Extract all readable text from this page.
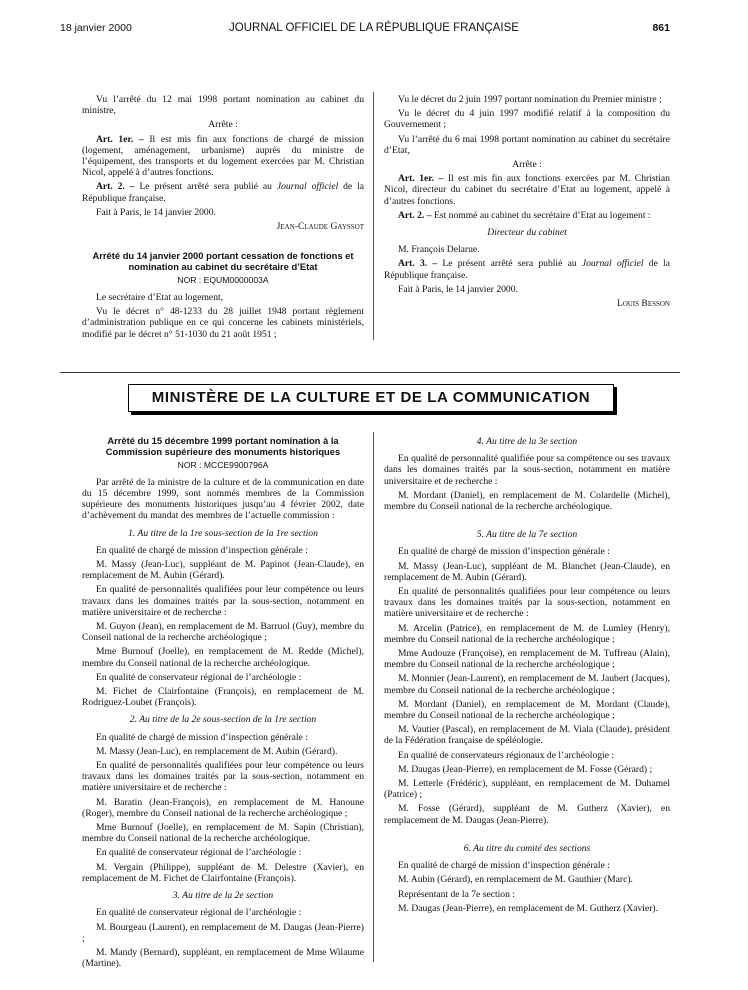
18 janvier 2000	JOURNAL OFFICIEL DE LA RÉPUBLIQUE FRANÇAISE	861

Vu l’arrêté du 12 mai 1998 portant nomination au cabinet du ministre,

Arrête :

Art. 1er. – Il est mis fin aux fonctions de chargé de mission (logement, aménagement, urbanisme) auprès du ministre de l’équipement, des transports et du logement exercées par M. Christian Nicol, appelé à d’autres fonctions.

Art. 2. – Le présent arrêté sera publié au Journal officiel de la République française.

Fait à Paris, le 14 janvier 2000.

Jean-Claude Gayssot

Arrêté du 14 janvier 2000 portant cessation de fonctions et nomination au cabinet du secrétaire d’Etat
NOR : EQUM0000003A

Le secrétaire d’Etat au logement,

Vu le décret n° 48-1233 du 28 juillet 1948 portant règlement d’administration publique en ce qui concerne les cabinets ministériels, modifié par le décret n° 51-1030 du 21 août 1951 ;

Vu le décret du 2 juin 1997 portant nomination du Premier ministre ;

Vu le décret du 4 juin 1997 modifié relatif à la composition du Gouvernement ;

Vu l’arrêté du 6 mai 1998 portant nomination au cabinet du secrétaire d’Etat,

Arrête :

Art. 1er. – Il est mis fin aux fonctions exercées par M. Christian Nicol, directeur du cabinet du secrétaire d’Etat au logement, appelé à d’autres fonctions.

Art. 2. – Est nommé au cabinet du secrétaire d’Etat au logement :

Directeur du cabinet

M. François Delarue.

Art. 3. – Le présent arrêté sera publié au Journal officiel de la République française.

Fait à Paris, le 14 janvier 2000.

Louis Besson

MINISTÈRE DE LA CULTURE ET DE LA COMMUNICATION
Arrêté du 15 décembre 1999 portant nomination à la Commission supérieure des monuments historiques
NOR : MCCE9900796A

Par arrêté de la ministre de la culture et de la communication en date du 15 décembre 1999, sont nommés membres de la Commission supérieure des monuments historiques jusqu’au 4 février 2002, date d’achèvement du mandat des membres de l’actuelle commission :

1. Au titre de la 1re sous-section de la 1re section

En qualité de chargé de mission d’inspection générale :

M. Massy (Jean-Luc), suppléant de M. Papinot (Jean-Claude), en remplacement de M. Aubin (Gérard).

En qualité de personnalités qualifiées pour leur compétence ou leurs travaux dans les domaines traités par la sous-section, notamment en matière universitaire et de recherche :

M. Guyon (Jean), en remplacement de M. Barruol (Guy), membre du Conseil national de la recherche archéologique ;

Mme Burnouf (Joelle), en remplacement de M. Redde (Michel), membre du Conseil national de la recherche archéologique.

En qualité de conservateur régional de l’archéologie :

M. Fichet de Clairfontaine (François), en remplacement de M. Rodriguez-Loubet (François).

2. Au titre de la 2e sous-section de la 1re section

En qualité de chargé de mission d’inspection générale :

M. Massy (Jean-Luc), en remplacement de M. Aubin (Gérard).

En qualité de personnalités qualifiées pour leur compétence ou leurs travaux dans les domaines traités par la sous-section, notamment en matière universitaire et de recherche :

M. Baratin (Jean-François), en remplacement de M. Hanoune (Roger), membre du Conseil national de la recherche archéologique ;

Mme Burnouf (Joelle), en remplacement de M. Sapin (Christian), membre du Conseil national de la recherche archéologique.

En qualité de conservateur régional de l’archéologie :

M. Vergain (Philippe), suppléant de M. Delestre (Xavier), en remplacement de M. Fichet de Clairfontaine (François).

3. Au titre de la 2e section

En qualité de conservateur régional de l’archéologie :

M. Bourgeau (Laurent), en remplacement de M. Daugas (Jean-Pierre) ;

M. Mandy (Bernard), suppléant, en remplacement de Mme Wilaume (Martine).

4. Au titre de la 3e section

En qualité de personnalité qualifiée pour sa compétence ou ses travaux dans les domaines traités par la sous-section, notamment en matière universitaire et de recherche :

M. Mordant (Daniel), en remplacement de M. Colardelle (Michel), membre du Conseil national de la recherche archéologique.

5. Au titre de la 7e section

En qualité de chargé de mission d’inspection générale :

M. Massy (Jean-Luc), suppléant de M. Blanchet (Jean-Claude), en remplacement de M. Aubin (Gérard).

En qualité de personnalités qualifiées pour leur compétence ou leurs travaux dans les domaines traités par la sous-section, notamment en matière universitaire et de recherche :

M. Arcelin (Patrice), en remplacement de M. de Lumley (Henry), membre du Conseil national de la recherche archéologique ;

Mme Audouze (Françoise), en remplacement de M. Tuffreau (Alain), membre du Conseil national de la recherche archéologique ;

M. Monnier (Jean-Laurent), en remplacement de M. Jaubert (Jacques), membre du Conseil national de la recherche archéologique ;

M. Mordant (Daniel), en remplacement de M. Mordant (Claude), membre du Conseil national de la recherche archéologique ;

M. Vautier (Pascal), en remplacement de M. Viala (Claude), président de la Fédération française de spéléologie.

En qualité de conservateurs régionaux de l’archéologie :

M. Daugas (Jean-Pierre), en remplacement de M. Fosse (Gérard) ;

M. Letterle (Frédéric), suppléant, en remplacement de M. Duhamel (Patrice) ;

M. Fosse (Gérard), suppléant de M. Gutherz (Xavier), en remplacement de M. Daugas (Jean-Pierre).

6. Au titre du comité des sections

En qualité de chargé de mission d’inspection générale :

M. Aubin (Gérard), en remplacement de M. Gauthier (Marc).

Représentant de la 7e section :

M. Daugas (Jean-Pierre), en remplacement de M. Gutherz (Xavier).
